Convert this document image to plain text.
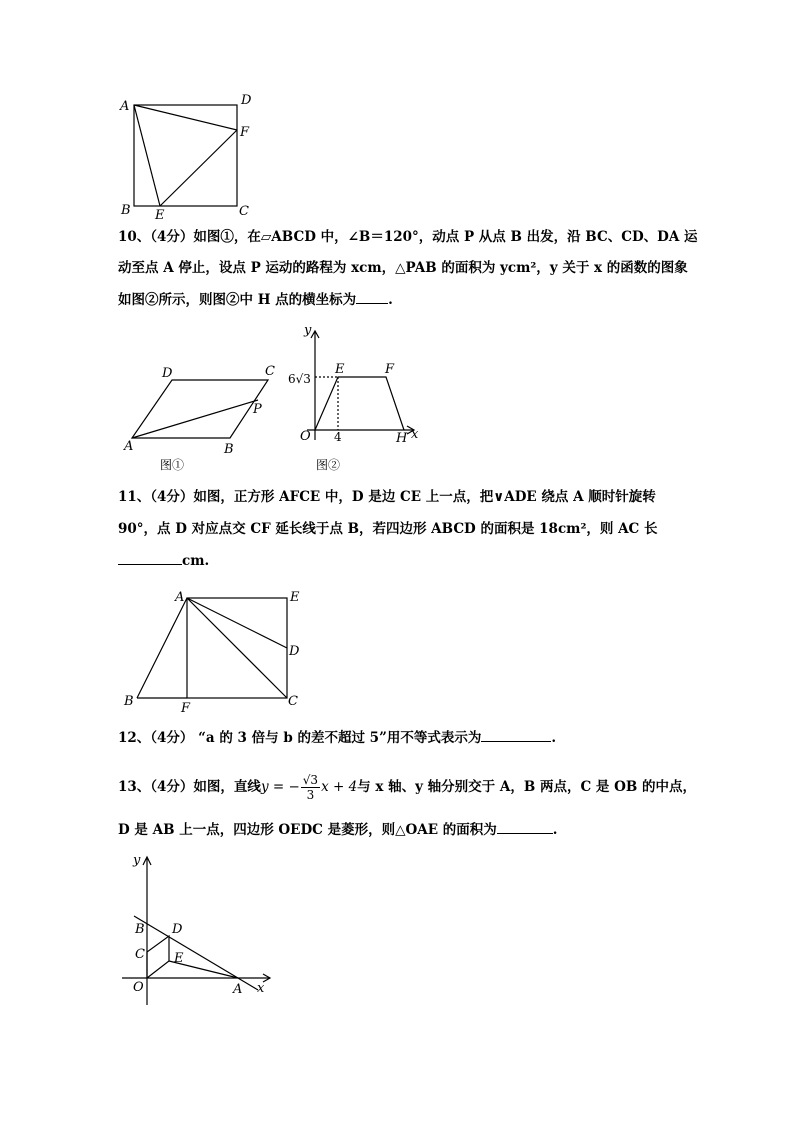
A	D
F
B E	C
10、（4分）如图①，在▱ABCD 中，∠B＝120°，动点 P 从点 B 出发，沿 BC、CD、DA 运
动至点 A 停止，设点 P 运动的路程为 xcm，△PAB 的面积为 ycm²，y 关于 x 的函数的图象
如图②所示，则图②中 H 点的横坐标为 .
D	C
P
A	B
图①
y
x
6√3
E	F
O 4	H
图②
11、（4分）如图，正方形 AFCE 中，D 是边 CE 上一点，把∨ADE 绕点 A 顺时针旋转
90°，点 D 对应点交 CF 延长线于点 B，若四边形 ABCD 的面积是 18cm²，则 AC 长
cm.
A	E
D
B	C
F
12、（4分） “a 的 3 倍与 b 的差不超过 5”用不等式表示为	.
13、（4分）如图，直线y = − $\frac{√3}{3}$ x + 4与 x 轴、y 轴分别交于 A，B 两点，C 是 OB 的中点，
D 是 AB 上一点，四边形 OEDC 是菱形，则△OAE 的面积为	.
y
x
B D
C E
O	A
